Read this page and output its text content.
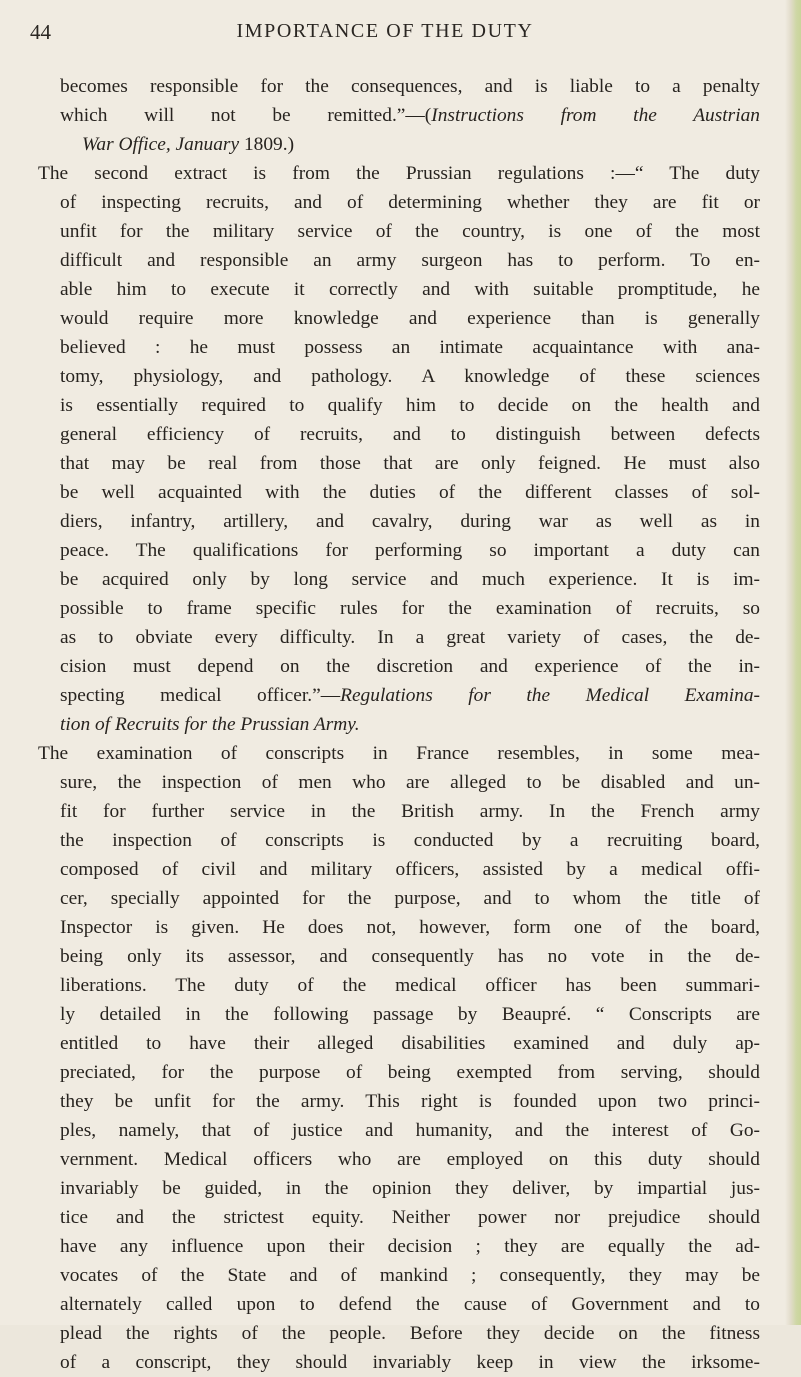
44	IMPORTANCE OF THE DUTY
becomes responsible for the consequences, and is liable to a penalty
which will not be remitted.”—(Instructions from the Austrian
War Office, January 1809.)
The second extract is from the Prussian regulations :—“ The duty
of inspecting recruits, and of determining whether they are fit or
unfit for the military service of the country, is one of the most
difficult and responsible an army surgeon has to perform. To en-
able him to execute it correctly and with suitable promptitude, he
would require more knowledge and experience than is generally
believed : he must possess an intimate acquaintance with ana-
tomy, physiology, and pathology. A knowledge of these sciences
is essentially required to qualify him to decide on the health and
general efficiency of recruits, and to distinguish between defects
that may be real from those that are only feigned. He must also
be well acquainted with the duties of the different classes of sol-
diers, infantry, artillery, and cavalry, during war as well as in
peace. The qualifications for performing so important a duty can
be acquired only by long service and much experience. It is im-
possible to frame specific rules for the examination of recruits, so
as to obviate every difficulty. In a great variety of cases, the de-
cision must depend on the discretion and experience of the in-
specting medical officer.”—Regulations for the Medical Examina-
tion of Recruits for the Prussian Army.
The examination of conscripts in France resembles, in some mea-
sure, the inspection of men who are alleged to be disabled and un-
fit for further service in the British army. In the French army
the inspection of conscripts is conducted by a recruiting board,
composed of civil and military officers, assisted by a medical offi-
cer, specially appointed for the purpose, and to whom the title of
Inspector is given. He does not, however, form one of the board,
being only its assessor, and consequently has no vote in the de-
liberations. The duty of the medical officer has been summari-
ly detailed in the following passage by Beaupré. “ Conscripts are
entitled to have their alleged disabilities examined and duly ap-
preciated, for the purpose of being exempted from serving, should
they be unfit for the army. This right is founded upon two princi-
ples, namely, that of justice and humanity, and the interest of Go-
vernment. Medical officers who are employed on this duty should
invariably be guided, in the opinion they deliver, by impartial jus-
tice and the strictest equity. Neither power nor prejudice should
have any influence upon their decision ; they are equally the ad-
vocates of the State and of mankind ; consequently, they may be
alternately called upon to defend the cause of Government and to
plead the rights of the people. Before they decide on the fitness
of a conscript, they should invariably keep in view the irksome-
